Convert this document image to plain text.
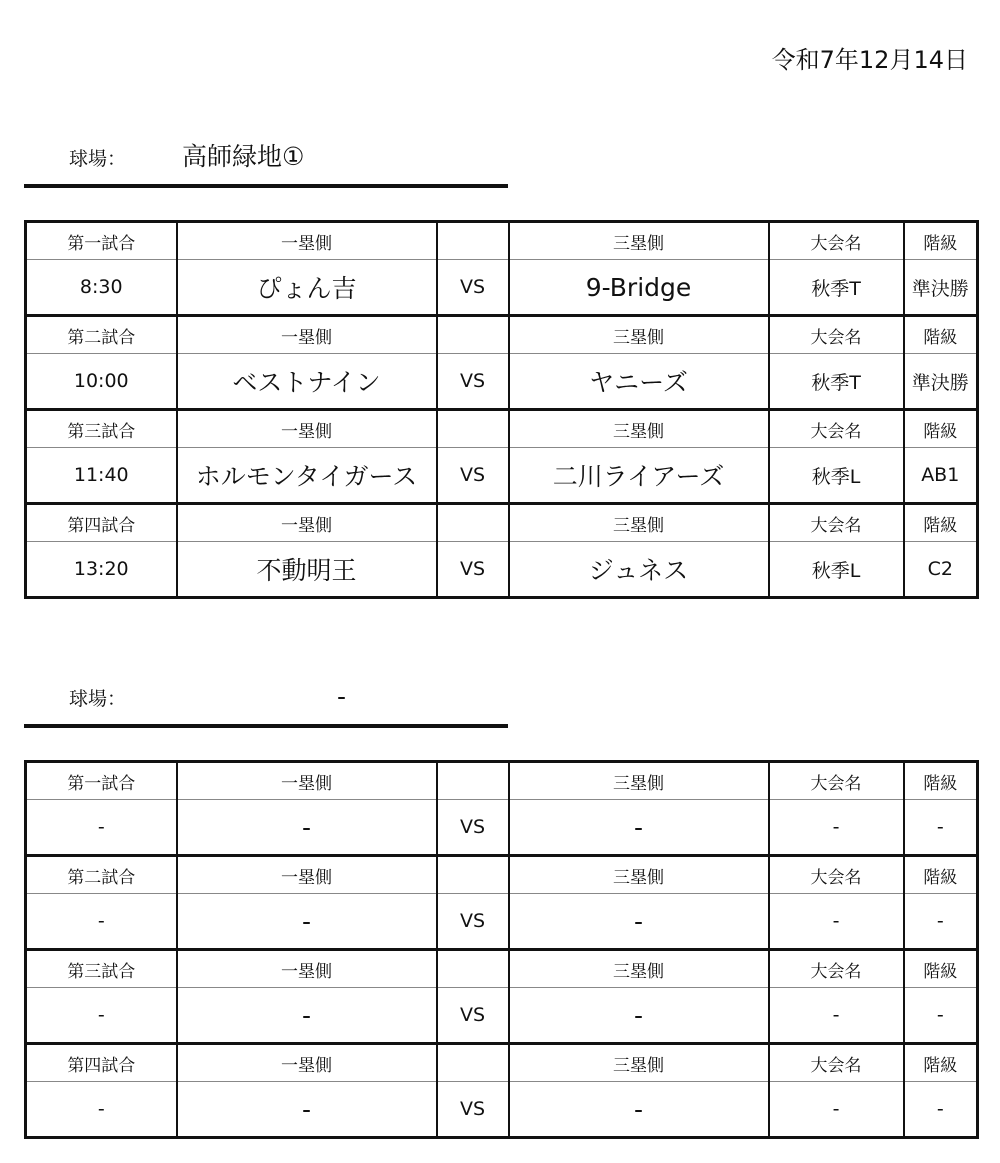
令和7年12月14日
球場： 高師緑地①
第一試合	一塁側		三塁側	大会名	階級
8:30	ぴょん吉	VS	9-Bridge	秋季T	準決勝
第二試合	一塁側		三塁側	大会名	階級
10:00	ベストナイン	VS	ヤニーズ	秋季T	準決勝
第三試合	一塁側		三塁側	大会名	階級
11:40	ホルモンタイガース	VS	二川ライアーズ	秋季L	AB1
第四試合	一塁側		三塁側	大会名	階級
13:20	不動明王	VS	ジュネス	秋季L	C2
球場：	-
第一試合	一塁側		三塁側	大会名	階級
-	-	VS	-	-	-
第二試合	一塁側		三塁側	大会名	階級
-	-	VS	-	-	-
第三試合	一塁側		三塁側	大会名	階級
-	-	VS	-	-	-
第四試合	一塁側		三塁側	大会名	階級
-	-	VS	-	-	-
